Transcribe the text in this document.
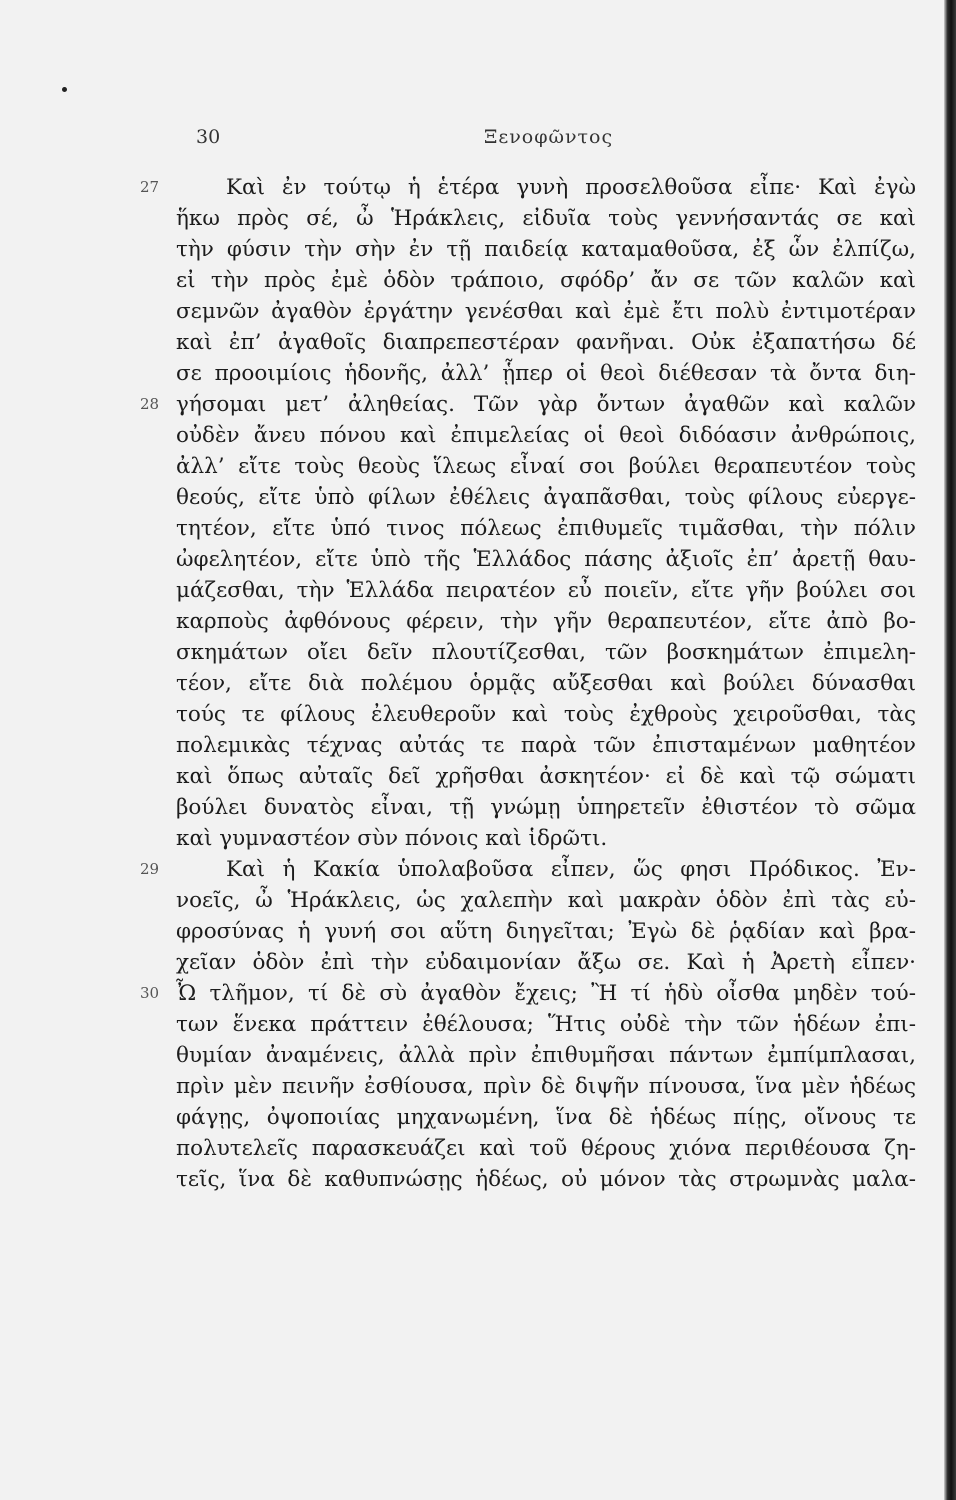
30	Ξενοφῶντος
27	Καὶ ἐν τούτῳ ἡ ἑτέρα γυνὴ προσελθοῦσα εἶπε· Καὶ ἐγὼ
ἥκω πρὸς σέ, ὦ Ἡράκλεις, εἰδυῖα τοὺς γεννήσαντάς σε καὶ
τὴν φύσιν τὴν σὴν ἐν τῇ παιδείᾳ καταμαθοῦσα, ἐξ ὧν ἐλπίζω,
εἰ τὴν πρὸς ἐμὲ ὁδὸν τράποιο, σφόδρ’ ἄν σε τῶν καλῶν καὶ
σεμνῶν ἀγαθὸν ἐργάτην γενέσθαι καὶ ἐμὲ ἔτι πολὺ ἐντιμοτέραν
καὶ ἐπ’ ἀγαθοῖς διαπρεπεστέραν φανῆναι. Οὐκ ἐξαπατήσω δέ
σε προοιμίοις ἡδονῆς, ἀλλ’ ᾗπερ οἱ θεοὶ διέθεσαν τὰ ὄντα διη-
28 γήσομαι μετ’ ἀληθείας. Τῶν γὰρ ὄντων ἀγαθῶν καὶ καλῶν
οὐδὲν ἄνευ πόνου καὶ ἐπιμελείας οἱ θεοὶ διδόασιν ἀνθρώποις,
ἀλλ’ εἴτε τοὺς θεοὺς ἵλεως εἶναί σοι βούλει θεραπευτέον τοὺς
θεούς, εἴτε ὑπὸ φίλων ἐθέλεις ἀγαπᾶσθαι, τοὺς φίλους εὐεργε-
τητέον, εἴτε ὑπό τινος πόλεως ἐπιθυμεῖς τιμᾶσθαι, τὴν πόλιν
ὠφελητέον, εἴτε ὑπὸ τῆς Ἑλλάδος πάσης ἀξιοῖς ἐπ’ ἀρετῇ θαυ-
μάζεσθαι, τὴν Ἑλλάδα πειρατέον εὖ ποιεῖν, εἴτε γῆν βούλει σοι
καρποὺς ἀφθόνους φέρειν, τὴν γῆν θεραπευτέον, εἴτε ἀπὸ βο-
σκημάτων οἴει δεῖν πλουτίζεσθαι, τῶν βοσκημάτων ἐπιμελη-
τέον, εἴτε διὰ πολέμου ὁρμᾷς αὔξεσθαι καὶ βούλει δύνασθαι
τούς τε φίλους ἐλευθεροῦν καὶ τοὺς ἐχθροὺς χειροῦσθαι, τὰς
πολεμικὰς τέχνας αὐτάς τε παρὰ τῶν ἐπισταμένων μαθητέον
καὶ ὅπως αὐταῖς δεῖ χρῆσθαι ἀσκητέον· εἰ δὲ καὶ τῷ σώματι
βούλει δυνατὸς εἶναι, τῇ γνώμῃ ὑπηρετεῖν ἐθιστέον τὸ σῶμα
καὶ γυμναστέον σὺν πόνοις καὶ ἱδρῶτι.
29	Καὶ ἡ Κακία ὑπολαβοῦσα εἶπεν, ὥς φησι Πρόδικος. Ἐν-
νοεῖς, ὦ Ἡράκλεις, ὡς χαλεπὴν καὶ μακρὰν ὁδὸν ἐπὶ τὰς εὐ-
φροσύνας ἡ γυνή σοι αὕτη διηγεῖται; Ἐγὼ δὲ ῥᾳδίαν καὶ βρα-
χεῖαν ὁδὸν ἐπὶ τὴν εὐδαιμονίαν ἄξω σε. Καὶ ἡ Ἀρετὴ εἶπεν·
30 Ὦ τλῆμον, τί δὲ σὺ ἀγαθὸν ἔχεις; Ἢ τί ἡδὺ οἶσθα μηδὲν τού-
των ἕνεκα πράττειν ἐθέλουσα; Ἥτις οὐδὲ τὴν τῶν ἡδέων ἐπι-
θυμίαν ἀναμένεις, ἀλλὰ πρὶν ἐπιθυμῆσαι πάντων ἐμπίμπλασαι,
πρὶν μὲν πεινῆν ἐσθίουσα, πρὶν δὲ διψῆν πίνουσα, ἵνα μὲν ἡδέως
φάγῃς, ὀψοποιίας μηχανωμένη, ἵνα δὲ ἡδέως πίῃς, οἴνους τε
πολυτελεῖς παρασκευάζει καὶ τοῦ θέρους χιόνα περιθέουσα ζη-
τεῖς, ἵνα δὲ καθυπνώσῃς ἡδέως, οὐ μόνον τὰς στρωμνὰς μαλα-
